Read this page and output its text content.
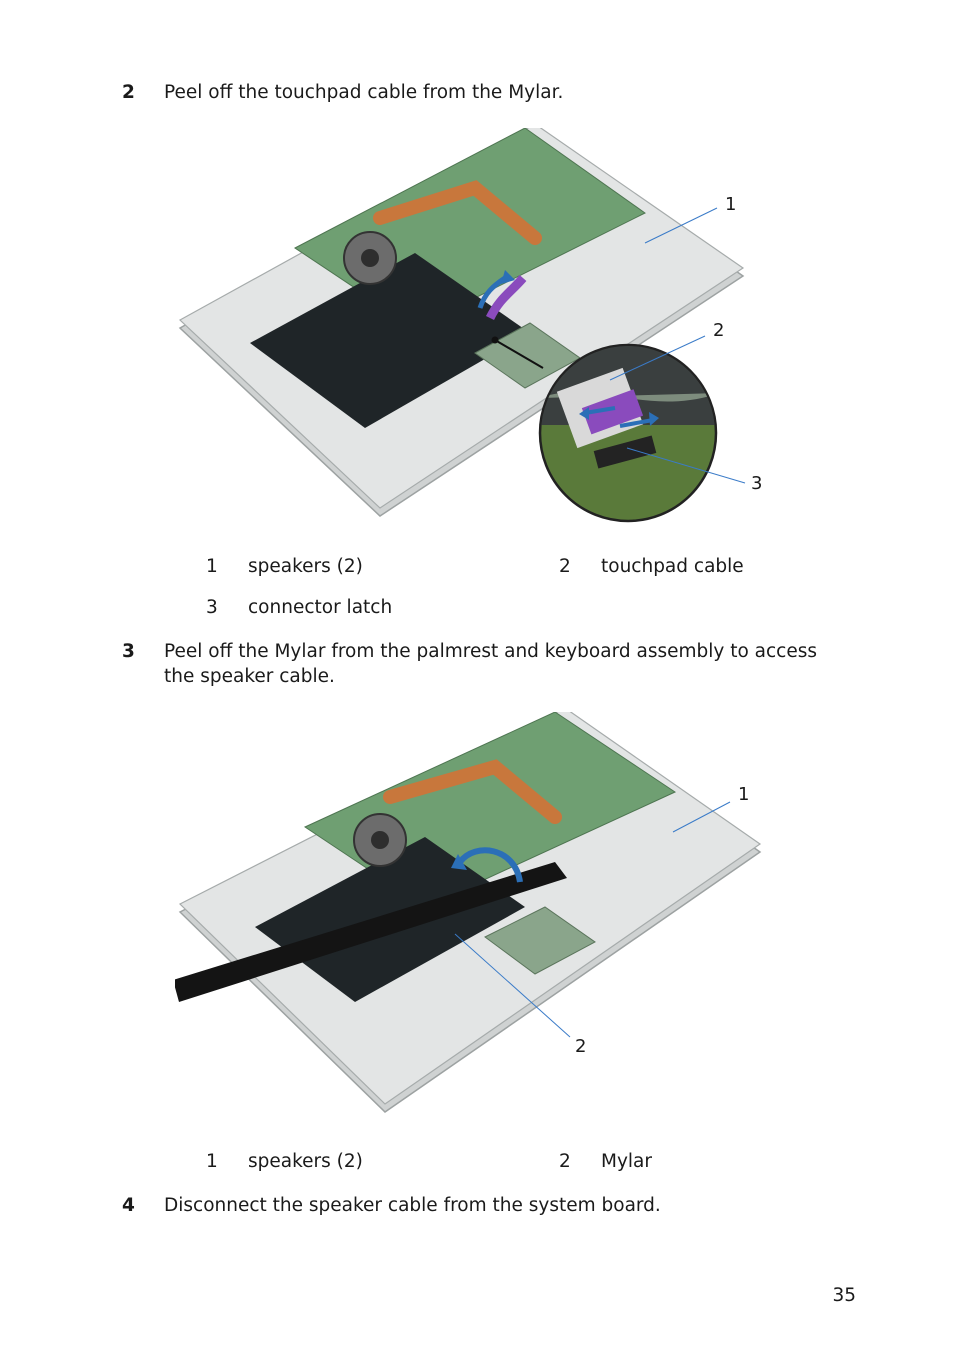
2 Peel off the touchpad cable from the Mylar.
1
2
3
1 speakers (2)	2 touchpad cable
3 connector latch
3 Peel off the Mylar from the palmrest and keyboard assembly to access the speaker cable.
1
2
1 speakers (2)	2 Mylar
4 Disconnect the speaker cable from the system board.
35
